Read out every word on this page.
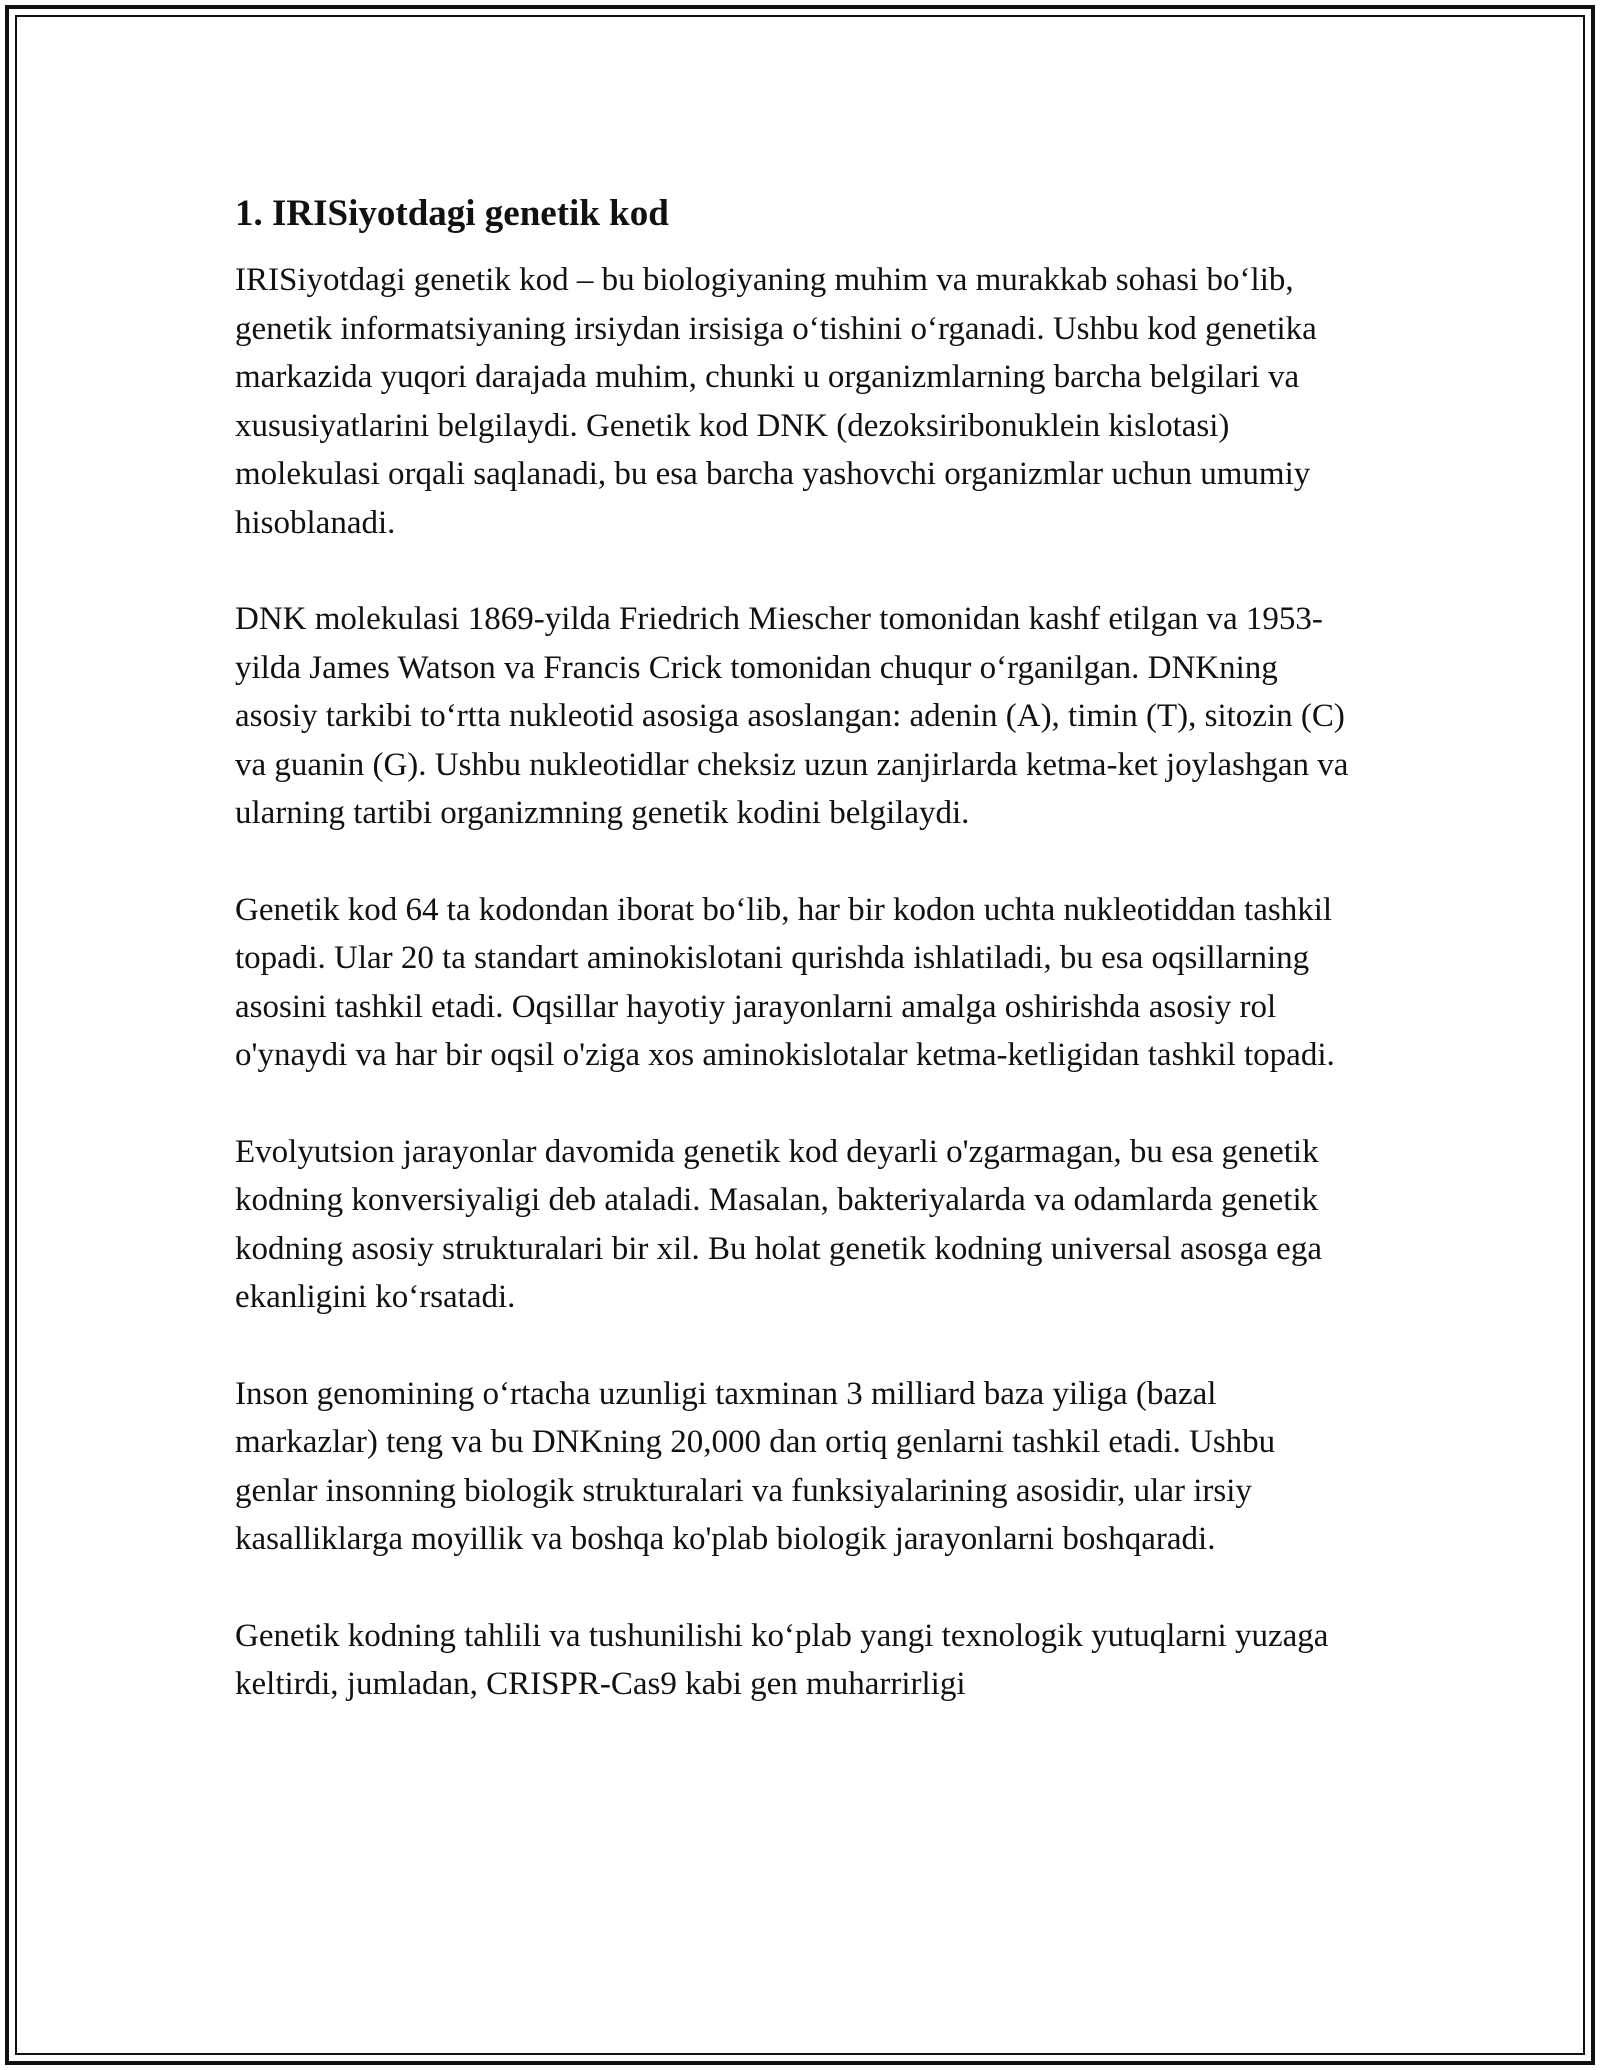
1. IRISiyotdagi genetik kod

IRISiyotdagi genetik kod – bu biologiyaning muhim va murakkab sohasi boʻlib, genetik informatsiyaning irsiydan irsisiga oʻtishini oʻrganadi. Ushbu kod genetika markazida yuqori darajada muhim, chunki u organizmlarning barcha belgilari va xususiyatlarini belgilaydi. Genetik kod DNK (dezoksiribonuklein kislotasi) molekulasi orqali saqlanadi, bu esa barcha yashovchi organizmlar uchun umumiy hisoblanadi.

DNK molekulasi 1869-yilda Friedrich Miescher tomonidan kashf etilgan va 1953-yilda James Watson va Francis Crick tomonidan chuqur oʻrganilgan. DNKning asosiy tarkibi toʻrtta nukleotid asosiga asoslangan: adenin (A), timin (T), sitozin (C) va guanin (G). Ushbu nukleotidlar cheksiz uzun zanjirlarda ketma-ket joylashgan va ularning tartibi organizmning genetik kodini belgilaydi.

Genetik kod 64 ta kodondan iborat boʻlib, har bir kodon uchta nukleotiddan tashkil topadi. Ular 20 ta standart aminokislotani qurishda ishlatiladi, bu esa oqsillarning asosini tashkil etadi. Oqsillar hayotiy jarayonlarni amalga oshirishda asosiy rol o'ynaydi va har bir oqsil o'ziga xos aminokislotalar ketma-ketligidan tashkil topadi.

Evolyutsion jarayonlar davomida genetik kod deyarli o'zgarmagan, bu esa genetik kodning konversiyaligi deb ataladi. Masalan, bakteriyalarda va odamlarda genetik kodning asosiy strukturalari bir xil. Bu holat genetik kodning universal asosga ega ekanligini koʻrsatadi.

Inson genomining oʻrtacha uzunligi taxminan 3 milliard baza yiliga (bazal markazlar) teng va bu DNKning 20,000 dan ortiq genlarni tashkil etadi. Ushbu genlar insonning biologik strukturalari va funksiyalarining asosidir, ular irsiy kasalliklarga moyillik va boshqa ko'plab biologik jarayonlarni boshqaradi.

Genetik kodning tahlili va tushunilishi koʻplab yangi texnologik yutuqlarni yuzaga keltirdi, jumladan, CRISPR-Cas9 kabi gen muharrirligi
